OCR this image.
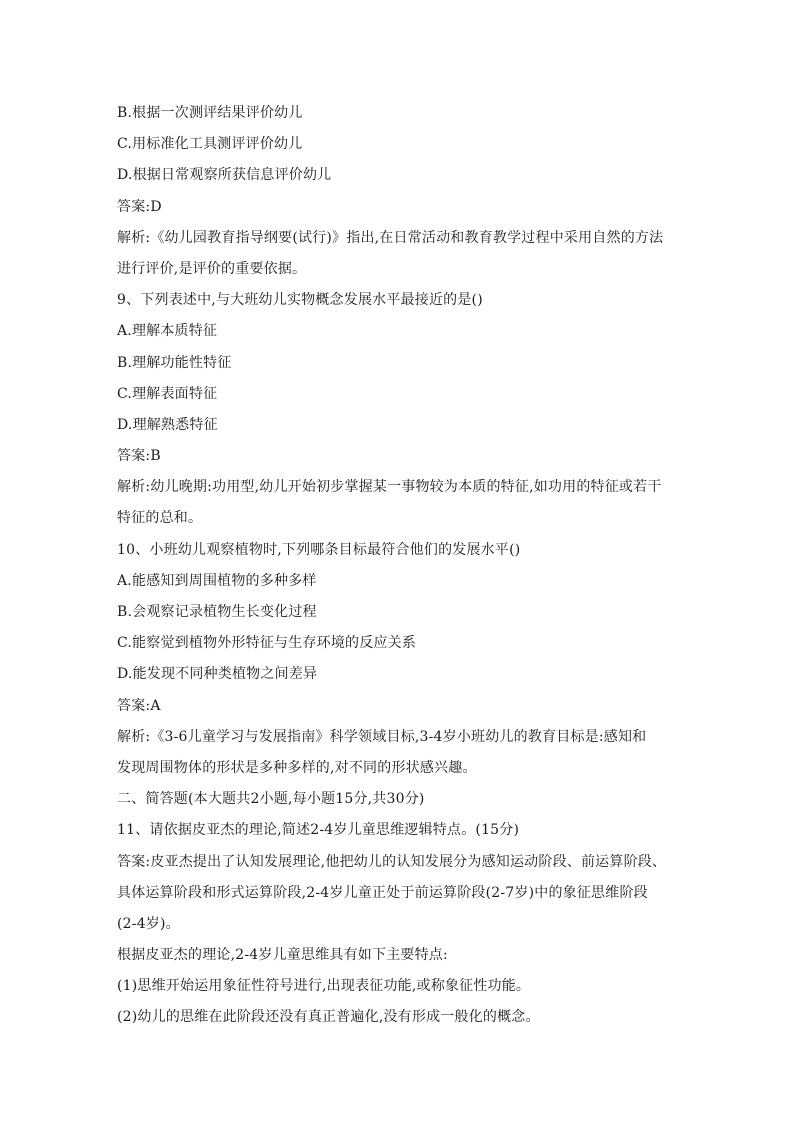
B.根据一次测评结果评价幼儿
C.用标准化工具测评评价幼儿
D.根据日常观察所获信息评价幼儿
答案:D
解析:《幼儿园教育指导纲要(试行)》指出,在日常活动和教育教学过程中采用自然的方法
进行评价,是评价的重要依据。
9、下列表述中,与大班幼儿实物概念发展水平最接近的是()
A.理解本质特征
B.理解功能性特征
C.理解表面特征
D.理解熟悉特征
答案:B
解析:幼儿晚期:功用型,幼儿开始初步掌握某一事物较为本质的特征,如功用的特征或若干
特征的总和。
10、小班幼儿观察植物时,下列哪条目标最符合他们的发展水平()
A.能感知到周围植物的多种多样
B.会观察记录植物生长变化过程
C.能察觉到植物外形特征与生存环境的反应关系
D.能发现不同种类植物之间差异
答案:A
解析:《3-6儿童学习与发展指南》科学领域目标,3-4岁小班幼儿的教育目标是:感知和
发现周围物体的形状是多种多样的,对不同的形状感兴趣。
二、简答题(本大题共2小题,每小题15分,共30分)
11、请依据皮亚杰的理论,简述2-4岁儿童思维逻辑特点。(15分)
答案:皮亚杰提出了认知发展理论,他把幼儿的认知发展分为感知运动阶段、前运算阶段、
具体运算阶段和形式运算阶段,2-4岁儿童正处于前运算阶段(2-7岁)中的象征思维阶段
(2-4岁)。
根据皮亚杰的理论,2-4岁儿童思维具有如下主要特点:
(1)思维开始运用象征性符号进行,出现表征功能,或称象征性功能。
(2)幼儿的思维在此阶段还没有真正普遍化,没有形成一般化的概念。
